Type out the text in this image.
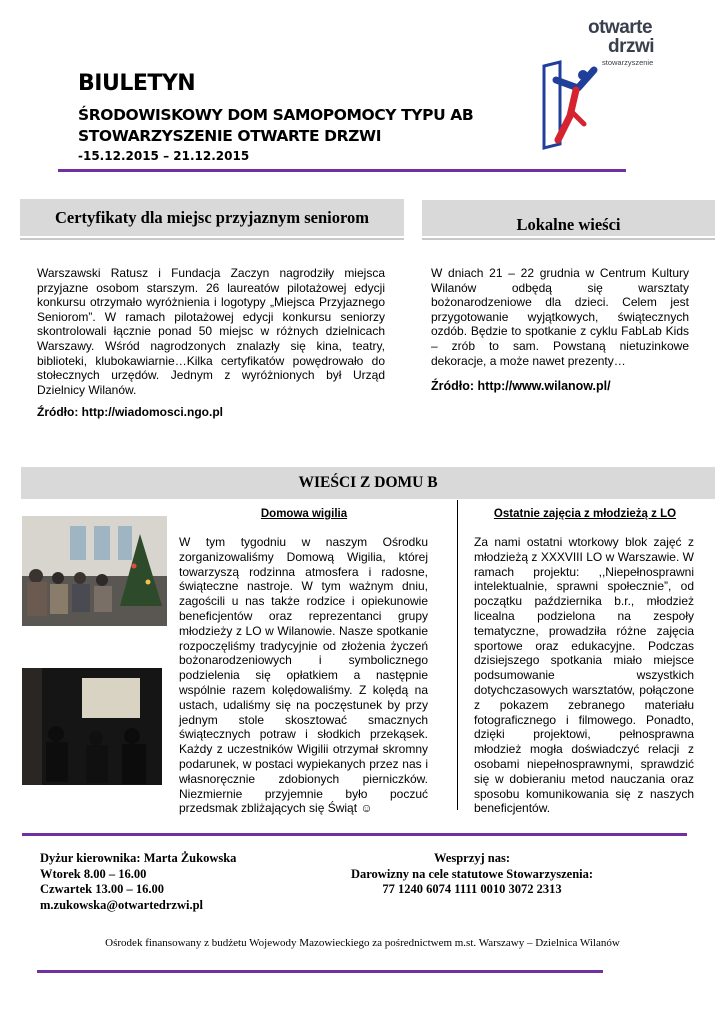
BIULETYN
ŚRODOWISKOWY DOM SAMOPOMOCY TYPU AB
STOWARZYSZENIE OTWARTE DRZWI
-15.12.2015 – 21.12.2015
otwarte
drzwi
stowarzyszenie
Certyfikaty dla miejsc przyjaznym seniorom	Lokalne wieści
Warszawski Ratusz i Fundacja Zaczyn nagrodziły miejsca przyjazne osobom starszym. 26 laureatów pilotażowej edycji konkursu otrzymało wyróżnienia i logotypy „Miejsca Przyjaznego Seniorom”. W ramach pilotażowej edycji konkursu seniorzy skontrolowali łącznie ponad 50 miejsc w różnych dzielnicach Warszawy. Wśród nagrodzonych znalazły się kina, teatry, biblioteki, klubokawiarnie…Kilka certyfikatów powędrowało do stołecznych urzędów. Jednym z wyróżnionych był Urząd Dzielnicy Wilanów.
Źródło: http://wiadomosci.ngo.pl
W dniach 21 – 22 grudnia w Centrum Kultury Wilanów odbędą się warsztaty bożonarodzeniowe dla dzieci. Celem jest przygotowanie wyjątkowych, świątecznych ozdób. Będzie to spotkanie z cyklu FabLab Kids – zrób to sam. Powstaną nietuzinkowe dekoracje, a może nawet prezenty…
Źródło: http://www.wilanow.pl/
WIEŚCI Z DOMU B
Domowa wigilia
W tym tygodniu w naszym Ośrodku zorganizowaliśmy Domową Wigilia, której towarzyszą rodzinna atmosfera i radosne, świąteczne nastroje. W tym ważnym dniu, zagościli u nas także rodzice i opiekunowie beneficjentów oraz reprezentanci grupy młodzieży z LO w Wilanowie. Nasze spotkanie rozpoczęliśmy tradycyjnie od złożenia życzeń bożonarodzeniowych i symbolicznego podzielenia się opłatkiem a następnie wspólnie razem kolędowaliśmy. Z kolędą na ustach, udaliśmy się na poczęstunek by przy jednym stole skosztować smacznych świątecznych potraw i słodkich przekąsek. Każdy z uczestników Wigilii otrzymał skromny podarunek, w postaci wypiekanych przez nas i własnoręcznie zdobionych pierniczków. Niezmiernie przyjemnie było poczuć przedsmak zbliżających się Świąt ☺
Ostatnie zajęcia z młodzieżą z LO
Za nami ostatni wtorkowy blok zajęć z młodzieżą z XXXVIII LO w Warszawie. W ramach projektu: ,,Niepełnosprawni intelektualnie, sprawni społecznie”, od początku października b.r., młodzież licealna podzielona na zespoły tematyczne, prowadziła różne zajęcia sportowe oraz edukacyjne. Podczas dzisiejszego spotkania miało miejsce podsumowanie wszystkich dotychczasowych warsztatów, połączone z pokazem zebranego materiału fotograficznego i filmowego. Ponadto, dzięki projektowi, pełnosprawna młodzież mogła doświadczyć relacji z osobami niepełnosprawnymi, sprawdzić się w dobieraniu metod nauczania oraz sposobu komunikowania się z naszych beneficjentów.
Dyżur kierownika: Marta Żukowska
Wtorek 8.00 – 16.00
Czwartek 13.00 – 16.00
m.zukowska@otwartedrzwi.pl
Wesprzyj nas:
Darowizny na cele statutowe Stowarzyszenia:
77 1240 6074 1111 0010 3072 2313
Ośrodek finansowany z budżetu Wojewody Mazowieckiego za pośrednictwem m.st. Warszawy – Dzielnica Wilanów
